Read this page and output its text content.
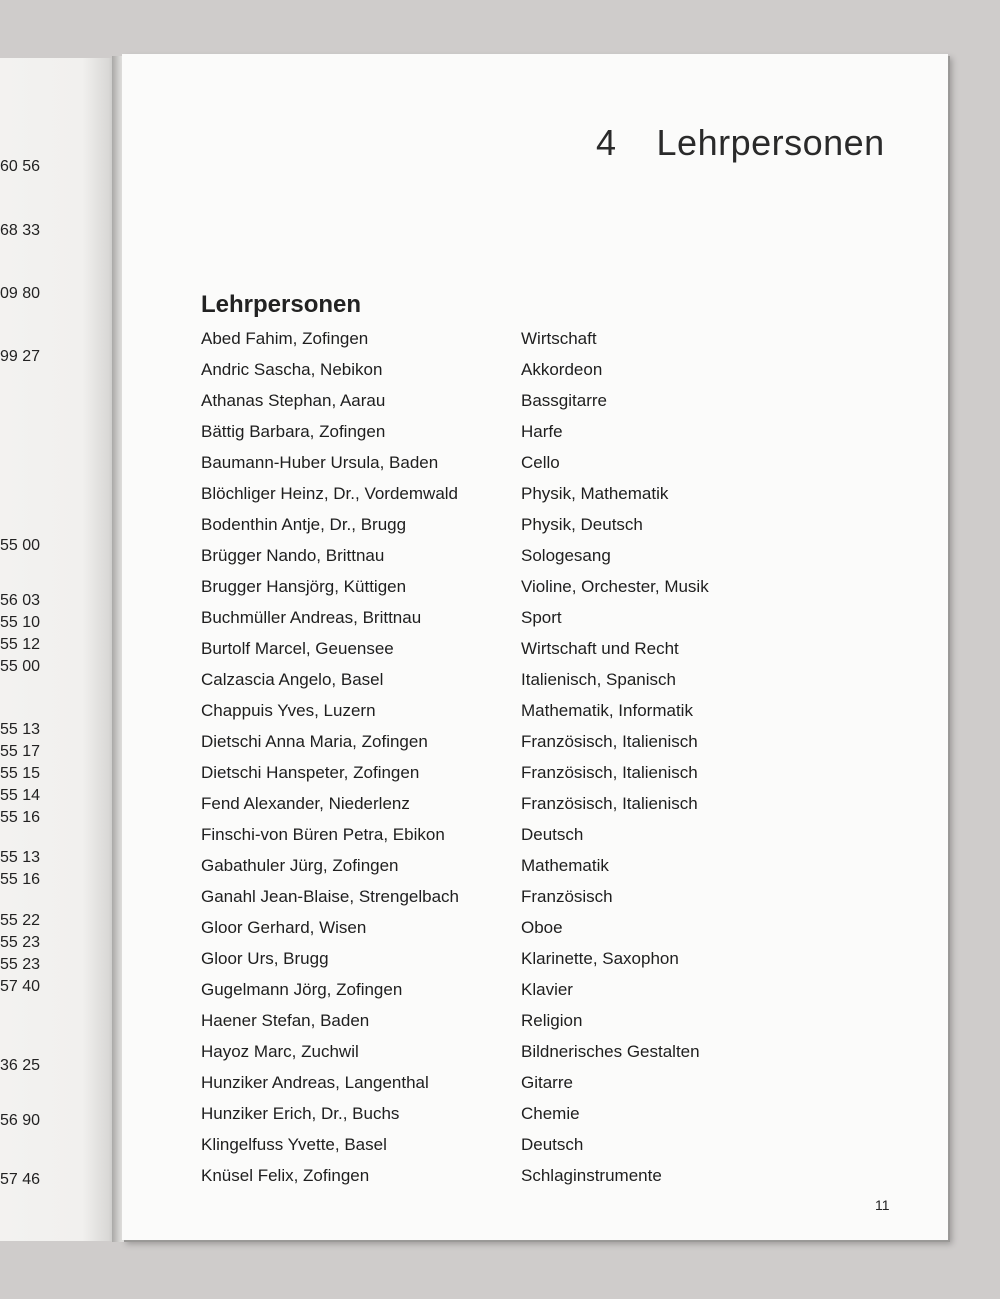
60 56
68 33
09 80
99 27
55 00
56 03
55 10
55 12
55 00
55 13
55 17
55 15
55 14
55 16
55 13
55 16
55 22
55 23
55 23
57 40
36 25
56 90
57 46
4 Lehrpersonen
Lehrpersonen
Abed Fahim, Zofingen	Wirtschaft
Andric Sascha, Nebikon	Akkordeon
Athanas Stephan, Aarau	Bassgitarre
Bättig Barbara, Zofingen	Harfe
Baumann-Huber Ursula, Baden	Cello
Blöchliger Heinz, Dr., Vordemwald	Physik, Mathematik
Bodenthin Antje, Dr., Brugg	Physik, Deutsch
Brügger Nando, Brittnau	Sologesang
Brugger Hansjörg, Küttigen	Violine, Orchester, Musik
Buchmüller Andreas, Brittnau	Sport
Burtolf Marcel, Geuensee	Wirtschaft und Recht
Calzascia Angelo, Basel	Italienisch, Spanisch
Chappuis Yves, Luzern	Mathematik, Informatik
Dietschi Anna Maria, Zofingen	Französisch, Italienisch
Dietschi Hanspeter, Zofingen	Französisch, Italienisch
Fend Alexander, Niederlenz	Französisch, Italienisch
Finschi-von Büren Petra, Ebikon	Deutsch
Gabathuler Jürg, Zofingen	Mathematik
Ganahl Jean-Blaise, Strengelbach	Französisch
Gloor Gerhard, Wisen	Oboe
Gloor Urs, Brugg	Klarinette, Saxophon
Gugelmann Jörg, Zofingen	Klavier
Haener Stefan, Baden	Religion
Hayoz Marc, Zuchwil	Bildnerisches Gestalten
Hunziker Andreas, Langenthal	Gitarre
Hunziker Erich, Dr., Buchs	Chemie
Klingelfuss Yvette, Basel	Deutsch
Knüsel Felix, Zofingen	Schlaginstrumente
11
